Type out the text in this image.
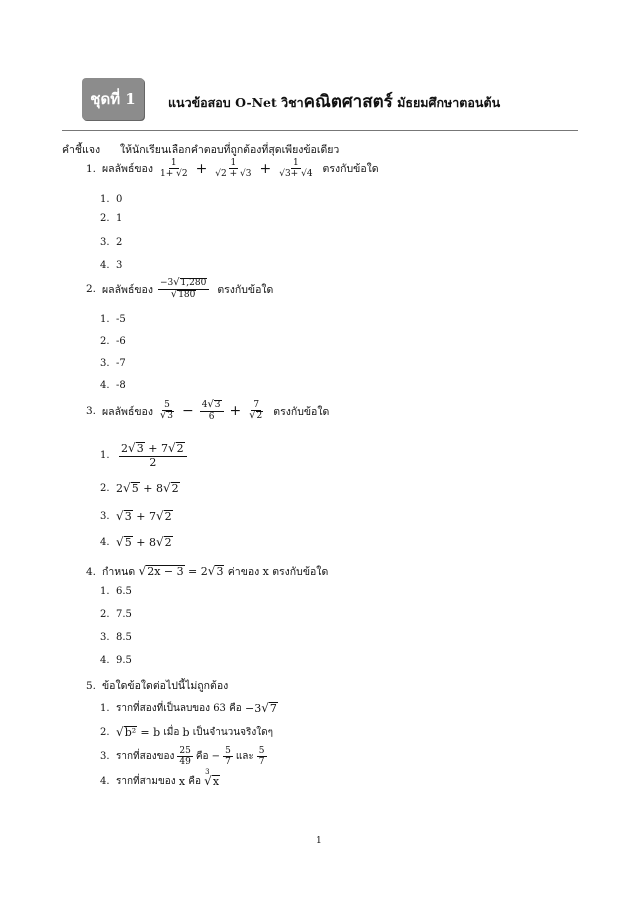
ชุดที่ 1	แนวข้อสอบ O-Net วิชาคณิตศาสตร์ มัธยมศึกษาตอนต้น
คำชี้แจง ให้นักเรียนเลือกคำตอบที่ถูกต้องที่สุดเพียงข้อเดียว
1. ผลลัพธ์ของ $\frac{1}{1+ √2} + \frac{1}{√2 + √3} + \frac{1}{√3+ √4}$ ตรงกับข้อใด
1. 0
2. 1
3. 2
4. 3
2. ผลลัพธ์ของ $\frac{-3 √ 1,280}{√ 180}$ ตรงกับข้อใด
1. -5
2. -6
3. -7
4. -8
3. ผลลัพธ์ของ $\frac{5}{√ 3} - \frac{4 √ 3}{6} + \frac{7}{√ 2}$ ตรงกับข้อใด
1. $\frac{2 √ 3 + 7 √ 2}{2}$
2. 2 √ 5 + 8 √ 2
3. √ 3 + 7 √ 2
4. √ 5 + 8 √ 2
4. กำหนด
√ 2x − 3
= 2 √ 3
ค่าของ
x
ตรงกับข้อใด
1. 6.5
2. 7.5
3. 8.5
4. 9.5
5. ข้อใดข้อใดต่อไปนี้ไม่ถูกต้อง
1. รากที่สองที่เป็นลบของ 63 คือ
−3 √ 7
2. √ b²
= b
เมื่อ
b
เป็นจำนวนจริงใดๆ
3. รากที่สองของ $\frac{25}{49}$ คือ − $\frac{5}{7}$ และ $\frac{5}{7}$
4. รากที่สามของ
x
คือ

3
√ x
1
